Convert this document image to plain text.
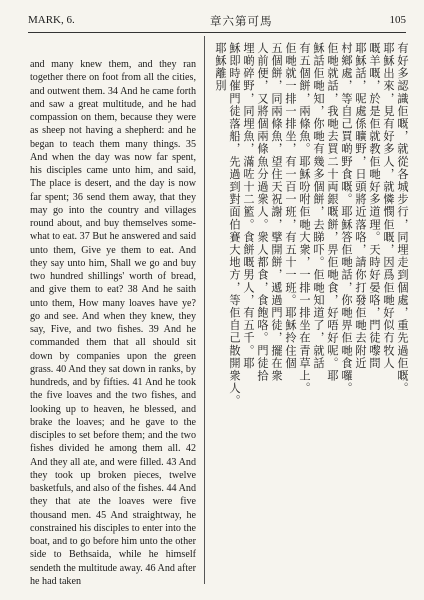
MARK, 6.	章六第可馬	105

and many knew them, and they ran together there on foot from all the cities, and outwent them. 34 And he came forth and saw a great multitude, and he had compassion on them, because they were as sheep not having a shepherd: and he began to teach them many things. 35 And when the day was now far spent, his disciples came unto him, and said, The place is desert, and the day is now far spent; 36 send them away, that they may go into the country and villages round about, and buy themselves some-what to eat. 37 But he answered and said unto them, Give ye them to eat. And they say unto him, Shall we go and buy two hundred shillings' worth of bread, and give them to eat? 38 And he saith unto them, How many loaves have ye? go and see. And when they knew, they say, Five, and two fishes. 39 And he commanded them that all should sit down by companies upon the green grass. 40 And they sat down in ranks, by hundreds, and by fifties. 41 And he took the five loaves and the two fishes, and looking up to heaven, he blessed, and brake the loaves; and he gave to the disciples to set before them; and the two fishes divided he among them all. 42 And they all ate, and were filled. 43 And they took up broken pieces, twelve basketfuls, and also of the fishes. 44 And they that ate the loaves were five thousand men. 45 And straightway, he constrained his disciples to enter into the boat, and to go before him unto the other side to Bethsaida, while he himself sendeth the multitude away. 46 And after he had taken

有好多認識佢嘅，就從各城步行，同埋走到個處，重先過佢嘅。
耶穌出來，見有好多人，就憐憫佢嘅，因爲佢哋好似冇牧人
嘅羊嘅，於是佢就教佢哋好多道理。天時好晏咯，門徒嚟問
耶穌話，呢處係曠野，日頭將近落咯，請你打發佢哋去附近
村鄉處，等自己買啲野食嘅。耶穌答佢哋話，你哋畀佢哋食囉。
佢哋就話，我哋去買二十両銀嘅餅，畀佢哋食，好唔好呢。耶
穌話佢哋知，你哋有幾多個餅，去睇吓。佢哋知道了，就話
有五個餅，兩條魚。耶穌吩咐佢哋大衆，一排一排坐在青草上。
佢哋就一排一排坐，有一百一班，有五十一班。耶穌拎住個
五個餅，同兩條魚，望住天祝謝，擘開餅，遞過門徒，擺在衆
人前便，又將個兩條魚分過衆人。衆人都食，食飽咯。門徒拾
埋啲碎野，同埋魚，滿咗十二籃。食餅嘅男人，有五千。耶
穌即時催門徒落船，先過到對面伯賽大地方，等佢自己散開衆人。
耶穌離別
